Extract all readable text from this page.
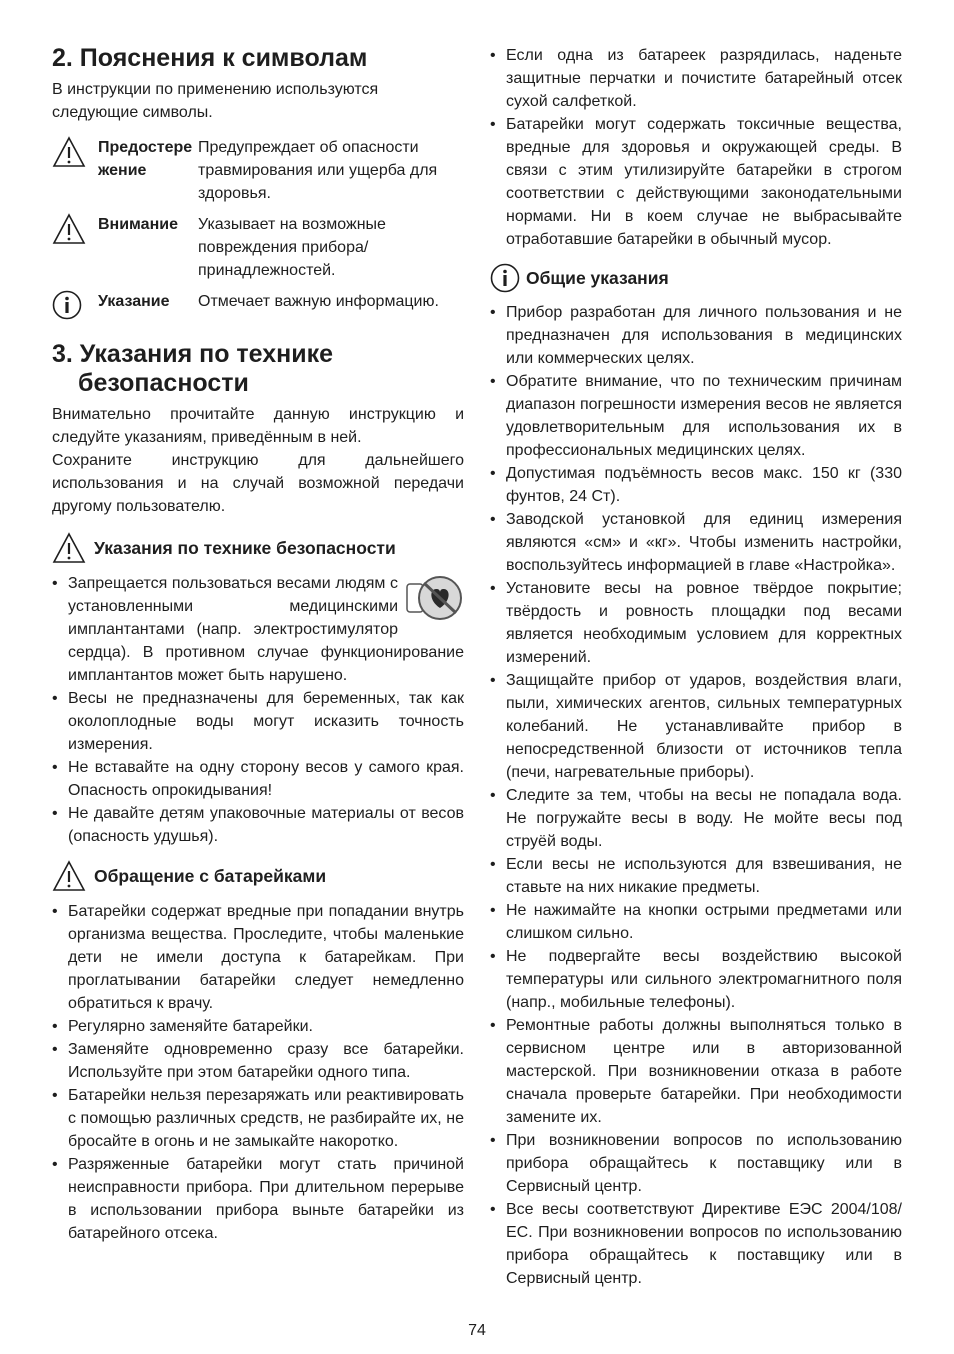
2. Пояснения к символам

В инструкции по применению используются следующие символы.

Предостережение
Предупреждает об опасности травмирования или ущерба для здоровья.
Внимание	Указывает на возможные повреждения прибора/принадлежностей.
Указание	Отмечает важную информацию.
3. Указания по технике
безопасности

Внимательно прочитайте данную инструкцию и следуйте указаниям, приведённым в ней.

Сохраните инструкцию для дальнейшего использования и на случай возможной передачи другому пользователю.

Указания по технике безопасности
• Запрещается пользоваться весами людям с установленными медицинскими имплантантами (напр. электростимулятор сердца). В противном случае функционирование имплантантов может быть нарушено.
• Весы не предназначены для беременных, так как околоплодные воды могут исказить точность измерения.
• Не вставайте на одну сторону весов у самого края. Опасность опрокидывания!
• Не давайте детям упаковочные материалы от весов (опасность удушья).
Обращение с батарейками
• Батарейки содержат вредные при попадании внутрь организма вещества. Проследите, чтобы маленькие дети не имели доступа к батарейкам. При проглатывании батарейки следует немедленно обратиться к врачу.
• Регулярно заменяйте батарейки.
• Заменяйте одновременно сразу все батарейки. Используйте при этом батарейки одного типа.
• Батарейки нельзя перезаряжать или реактивировать с помощью различных средств, не разбирайте их, не бросайте в огонь и не замыкайте накоротко.
• Разряженные батарейки могут стать причиной неисправности прибора. При длительном перерыве в использовании прибора выньте батарейки из батарейного отсека.
• Если одна из батареек разрядилась, наденьте защитные перчатки и почистите батарейный отсек сухой салфеткой.
• Батарейки могут содержать токсичные вещества, вредные для здоровья и окружающей среды. В связи с этим утилизируйте батарейки в строгом соответствии с действующими законодательными нормами. Ни в коем случае не выбрасывайте отработавшие батарейки в обычный мусор.
Общие указания
• Прибор разработан для личного пользования и не предназначен для использования в медицинских или коммерческих целях.
• Обратите внимание, что по техническим причинам диапазон погрешности измерения весов не является удовлетворительным для использования их в профессиональных медицинских целях.
• Допустимая подъёмность весов макс. 150 кг (330 фунтов, 24 Ст).
• Заводской установкой для единиц измерения являются «см» и «кг». Чтобы изменить настройки, воспользуйтесь информацией в главе «Настройка».
• Установите весы на ровное твёрдое покрытие; твёрдость и ровность площадки под весами является необходимым условием для корректных измерений.
• Защищайте прибор от ударов, воздействия влаги, пыли, химических агентов, сильных температурных колебаний. Не устанавливайте прибор в непосредственной близости от источников тепла (печи, нагревательные приборы).
• Следите за тем, чтобы на весы не попадала вода. Не погружайте весы в воду. Не мойте весы под струёй воды.
• Если весы не используются для взвешивания, не ставьте на них никакие предметы.
• Не нажимайте на кнопки острыми предметами или слишком сильно.
• Не подвергайте весы воздействию высокой температуры или сильного электромагнитного поля (напр., мобильные телефоны).
• Ремонтные работы должны выполняться только в сервисном центре или в авторизованной мастерской. При возникновении отказа в работе сначала проверьте батарейки. При необходимости замените их.
• При возникновении вопросов по использованию прибора обращайтесь к поставщику или в Сервисный центр.
• Все весы соответствуют Директиве ЕЭС 2004/108/ЕС. При возникновении вопросов по использованию прибора обращайтесь к поставщику или в Сервисный центр.
74
